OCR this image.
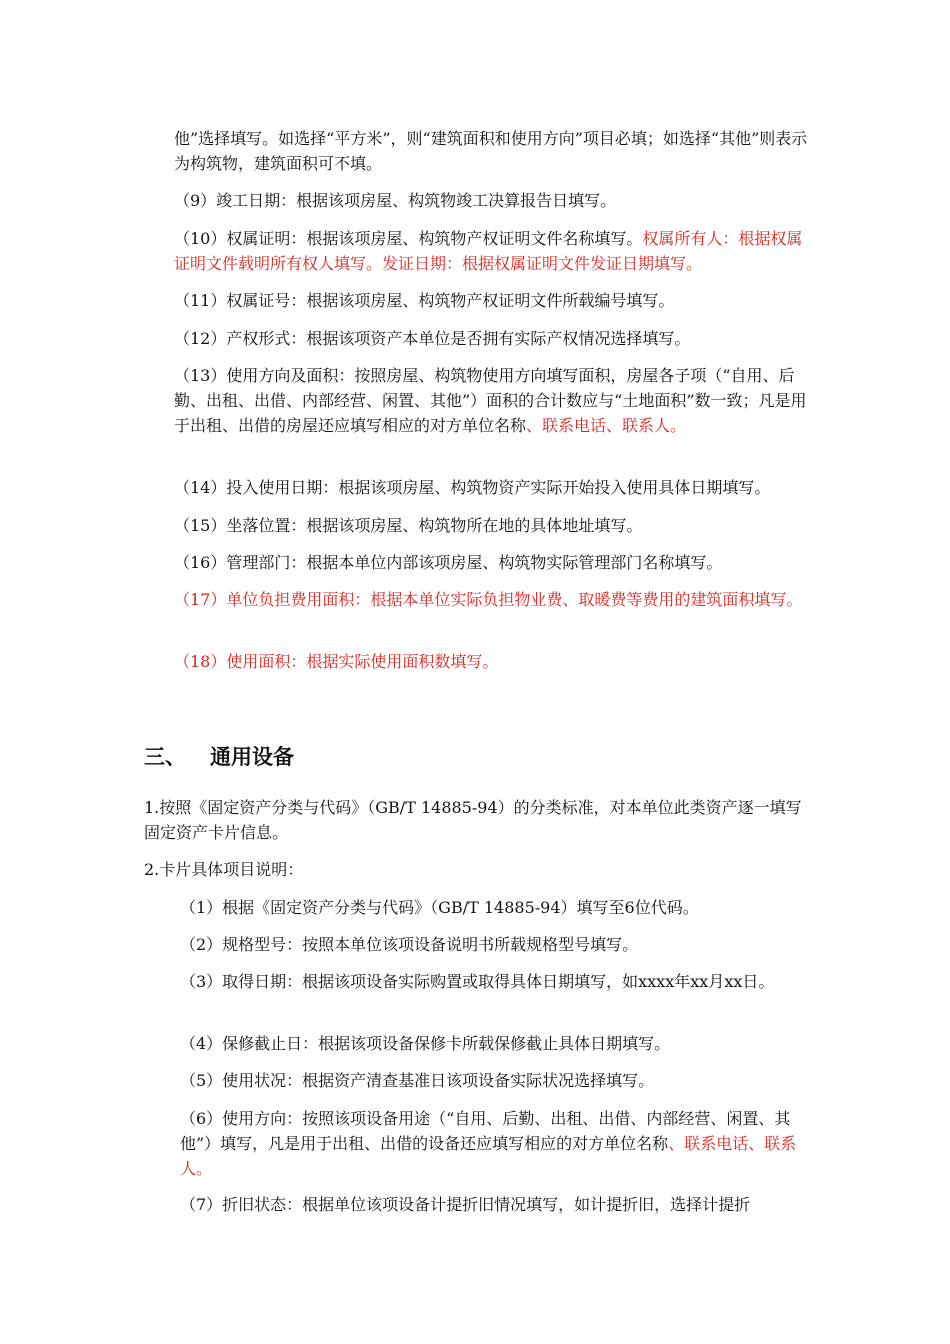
他”选择填写。如选择“平方米”，则“建筑面积和使用方向”项目必填；如选择“其他”则表示为构筑物，建筑面积可不填。

（9）竣工日期：根据该项房屋、构筑物竣工决算报告日填写。

（10）权属证明：根据该项房屋、构筑物产权证明文件名称填写。权属所有人：根据权属证明文件载明所有权人填写。发证日期：根据权属证明文件发证日期填写。

（11）权属证号：根据该项房屋、构筑物产权证明文件所载编号填写。

（12）产权形式：根据该项资产本单位是否拥有实际产权情况选择填写。

（13）使用方向及面积：按照房屋、构筑物使用方向填写面积，房屋各子项（“自用、后勤、出租、出借、内部经营、闲置、其他”）面积的合计数应与“土地面积”数一致；凡是用于出租、出借的房屋还应填写相应的对方单位名称、联系电话、联系人。

（14）投入使用日期：根据该项房屋、构筑物资产实际开始投入使用具体日期填写。

（15）坐落位置：根据该项房屋、构筑物所在地的具体地址填写。

（16）管理部门：根据本单位内部该项房屋、构筑物实际管理部门名称填写。

（17）单位负担费用面积：根据本单位实际负担物业费、取暖费等费用的建筑面积填写。

（18）使用面积：根据实际使用面积数填写。

三、 通用设备

1.按照《固定资产分类与代码》（GB/T 14885-94）的分类标准，对本单位此类资产逐一填写固定资产卡片信息。

2.卡片具体项目说明：

（1）根据《固定资产分类与代码》（GB/T 14885-94）填写至6位代码。

（2）规格型号：按照本单位该项设备说明书所载规格型号填写。

（3）取得日期：根据该项设备实际购置或取得具体日期填写，如xxxx年xx月xx日。

（4）保修截止日：根据该项设备保修卡所载保修截止具体日期填写。

（5）使用状况：根据资产清查基准日该项设备实际状况选择填写。

（6）使用方向：按照该项设备用途（“自用、后勤、出租、出借、内部经营、闲置、其他”）填写，凡是用于出租、出借的设备还应填写相应的对方单位名称、联系电话、联系人。

（7）折旧状态：根据单位该项设备计提折旧情况填写，如计提折旧，选择计提折
